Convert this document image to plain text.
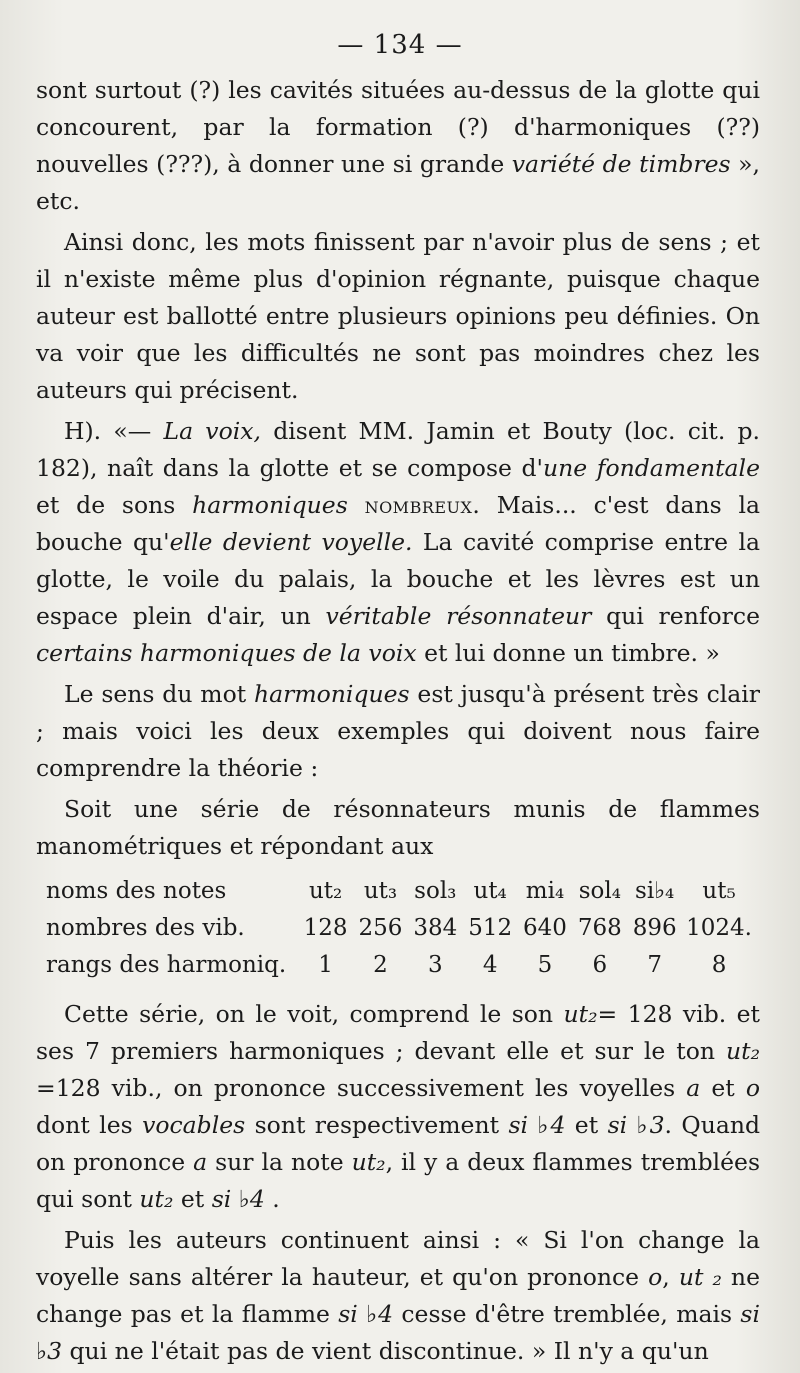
— 134 —

sont surtout (?) les cavités situées au-dessus de la glotte qui concourent, par la formation (?) d'harmoniques (??) nouvelles (???), à donner une si grande variété de timbres », etc.

Ainsi donc, les mots finissent par n'avoir plus de sens ; et il n'existe même plus d'opinion régnante, puisque chaque auteur est ballotté entre plusieurs opinions peu définies. On va voir que les difficultés ne sont pas moindres chez les auteurs qui précisent.

H). «— La voix, disent MM. Jamin et Bouty (loc. cit. p. 182), naît dans la glotte et se compose d'une fondamentale et de sons harmoniques nombreux. Mais... c'est dans la bouche qu'elle devient voyelle. La cavité comprise entre la glotte, le voile du palais, la bouche et les lèvres est un espace plein d'air, un véritable résonnateur qui renforce certains harmoniques de la voix et lui donne un timbre. »

Le sens du mot harmoniques est jusqu'à présent très clair ; mais voici les deux exemples qui doivent nous faire comprendre la théorie :

Soit une série de résonnateurs munis de flammes manométriques et répondant aux

noms des notes	ut₂	ut₃	sol₃	ut₄	mi₄	sol₄	si♭₄	ut₅
nombres des vib.	128	256	384	512	640	768	896	1024.
rangs des harmoniq.	1	2	3	4	5	6	7	8

Cette série, on le voit, comprend le son ut₂= 128 vib. et ses 7 premiers harmoniques ; devant elle et sur le ton ut₂ =128 vib., on prononce successivement les voyelles a et o dont les vocables sont respectivement si ♭4 et si ♭3. Quand on prononce a sur la note ut₂, il y a deux flammes tremblées qui sont ut₂ et si ♭4 .

Puis les auteurs continuent ainsi : « Si l'on change la voyelle sans altérer la hauteur, et qu'on prononce o, ut ₂ ne change pas et la flamme si ♭4 cesse d'être tremblée, mais si ♭3 qui ne l'était pas de vient discontinue. » Il n'y a qu'un
